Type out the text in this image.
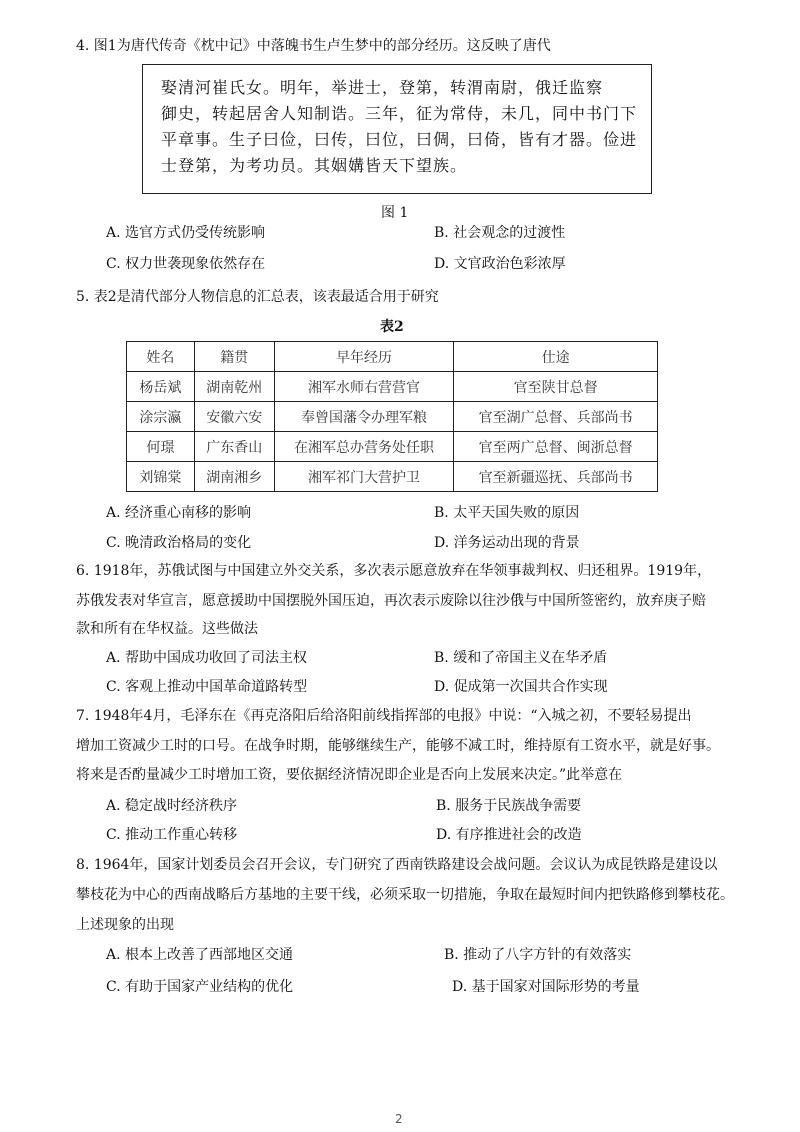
4. 图1为唐代传奇《枕中记》中落魄书生卢生梦中的部分经历。这反映了唐代
娶清河崔氏女。明年，举进士，登第，转渭南尉，俄迁监察
御史，转起居舍人知制诰。三年，征为常侍，未几，同中书门下
平章事。生子曰俭，曰传，曰位，曰倜，曰倚，皆有才器。俭进
士登第，为考功员。其姻媾皆天下望族。
图 1
A. 选官方式仍受传统影响	B. 社会观念的过渡性
C. 权力世袭现象依然存在	D. 文官政治色彩浓厚
5. 表2是清代部分人物信息的汇总表，该表最适合用于研究
表2
姓名	籍贯	早年经历	仕途
杨岳斌	湖南乾州	湘军水师右营营官	官至陕甘总督
涂宗瀛	安徽六安	奉曾国藩令办理军粮	官至湖广总督、兵部尚书
何璟	广东香山	在湘军总办营务处任职	官至两广总督、闽浙总督
刘锦棠	湖南湘乡	湘军祁门大营护卫	官至新疆巡抚、兵部尚书
A. 经济重心南移的影响	B. 太平天国失败的原因
C. 晚清政治格局的变化	D. 洋务运动出现的背景
6. 1918年，苏俄试图与中国建立外交关系，多次表示愿意放弃在华领事裁判权、归还租界。1919年，
苏俄发表对华宣言，愿意援助中国摆脱外国压迫，再次表示废除以往沙俄与中国所签密约，放弃庚子赔
款和所有在华权益。这些做法
A. 帮助中国成功收回了司法主权	B. 缓和了帝国主义在华矛盾
C. 客观上推动中国革命道路转型	D. 促成第一次国共合作实现
7. 1948年4月，毛泽东在《再克洛阳后给洛阳前线指挥部的电报》中说：“入城之初，不要轻易提出
增加工资减少工时的口号。在战争时期，能够继续生产，能够不减工时，维持原有工资水平，就是好事。
将来是否酌量减少工时增加工资，要依据经济情况即企业是否向上发展来决定。”此举意在
A. 稳定战时经济秩序	B. 服务于民族战争需要
C. 推动工作重心转移	D. 有序推进社会的改造
8. 1964年，国家计划委员会召开会议，专门研究了西南铁路建设会战问题。会议认为成昆铁路是建设以
攀枝花为中心的西南战略后方基地的主要干线，必须采取一切措施，争取在最短时间内把铁路修到攀枝花。
上述现象的出现
A. 根本上改善了西部地区交通	B. 推动了八字方针的有效落实
C. 有助于国家产业结构的优化	D. 基于国家对国际形势的考量
2
